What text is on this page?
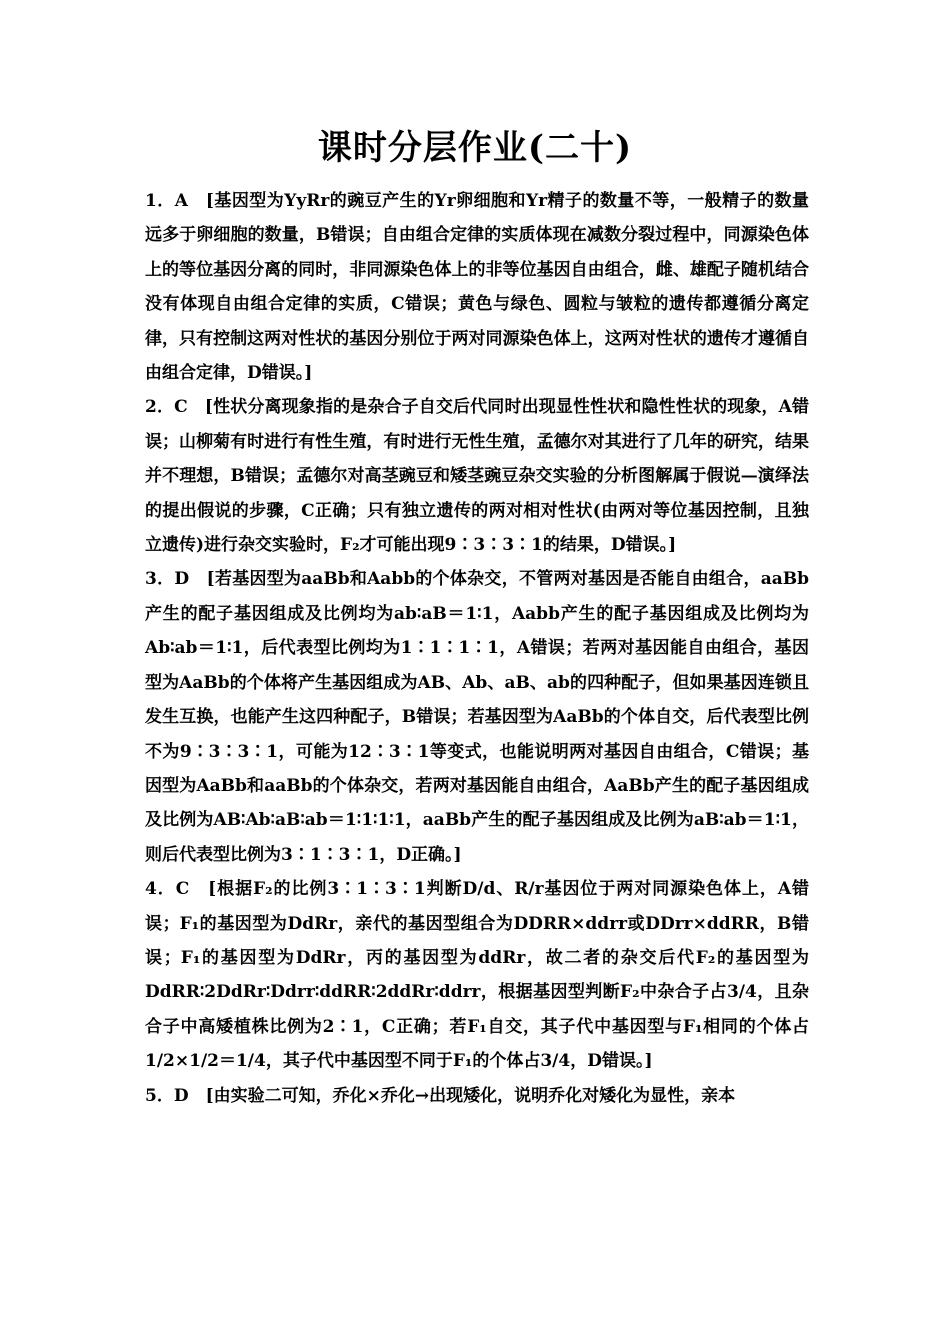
课时分层作业(二十)

1．A　[基因型为YyRr的豌豆产生的Yr卵细胞和Yr精子的数量不等，一般精子的数量远多于卵细胞的数量，B错误；自由组合定律的实质体现在减数分裂过程中，同源染色体上的等位基因分离的同时，非同源染色体上的非等位基因自由组合，雌、雄配子随机结合没有体现自由组合定律的实质，C错误；黄色与绿色、圆粒与皱粒的遗传都遵循分离定律，只有控制这两对性状的基因分别位于两对同源染色体上，这两对性状的遗传才遵循自由组合定律，D错误。]

2．C　[性状分离现象指的是杂合子自交后代同时出现显性性状和隐性性状的现象，A错误；山柳菊有时进行有性生殖，有时进行无性生殖，孟德尔对其进行了几年的研究，结果并不理想，B错误；孟德尔对高茎豌豆和矮茎豌豆杂交实验的分析图解属于假说—演绎法的提出假说的步骤，C正确；只有独立遗传的两对相对性状(由两对等位基因控制，且独立遗传)进行杂交实验时，F₂才可能出现9∶3∶3∶1的结果，D错误。]

3．D　[若基因型为aaBb和Aabb的个体杂交，不管两对基因是否能自由组合，aaBb产生的配子基因组成及比例均为ab∶aB＝1∶1，Aabb产生的配子基因组成及比例均为Ab∶ab＝1∶1，后代表型比例均为1∶1∶1∶1，A错误；若两对基因能自由组合，基因型为AaBb的个体将产生基因组成为AB、Ab、aB、ab的四种配子，但如果基因连锁且发生互换，也能产生这四种配子，B错误；若基因型为AaBb的个体自交，后代表型比例不为9∶3∶3∶1，可能为12∶3∶1等变式，也能说明两对基因自由组合，C错误；基因型为AaBb和aaBb的个体杂交，若两对基因能自由组合，AaBb产生的配子基因组成及比例为AB∶Ab∶aB∶ab＝1∶1∶1∶1，aaBb产生的配子基因组成及比例为aB∶ab＝1∶1，则后代表型比例为3∶1∶3∶1，D正确。]

4．C　[根据F₂的比例3∶1∶3∶1判断D/d、R/r基因位于两对同源染色体上，A错误；F₁的基因型为DdRr，亲代的基因型组合为DDRR×ddrr或DDrr×ddRR，B错误；F₁的基因型为DdRr，丙的基因型为ddRr，故二者的杂交后代F₂的基因型为DdRR∶2DdRr∶Ddrr∶ddRR∶2ddRr∶ddrr，根据基因型判断F₂中杂合子占3/4，且杂合子中高矮植株比例为2∶1，C正确；若F₁自交，其子代中基因型与F₁相同的个体占1/2×1/2＝1/4，其子代中基因型不同于F₁的个体占3/4，D错误。]

5．D　[由实验二可知，乔化×乔化→出现矮化，说明乔化对矮化为显性，亲本
